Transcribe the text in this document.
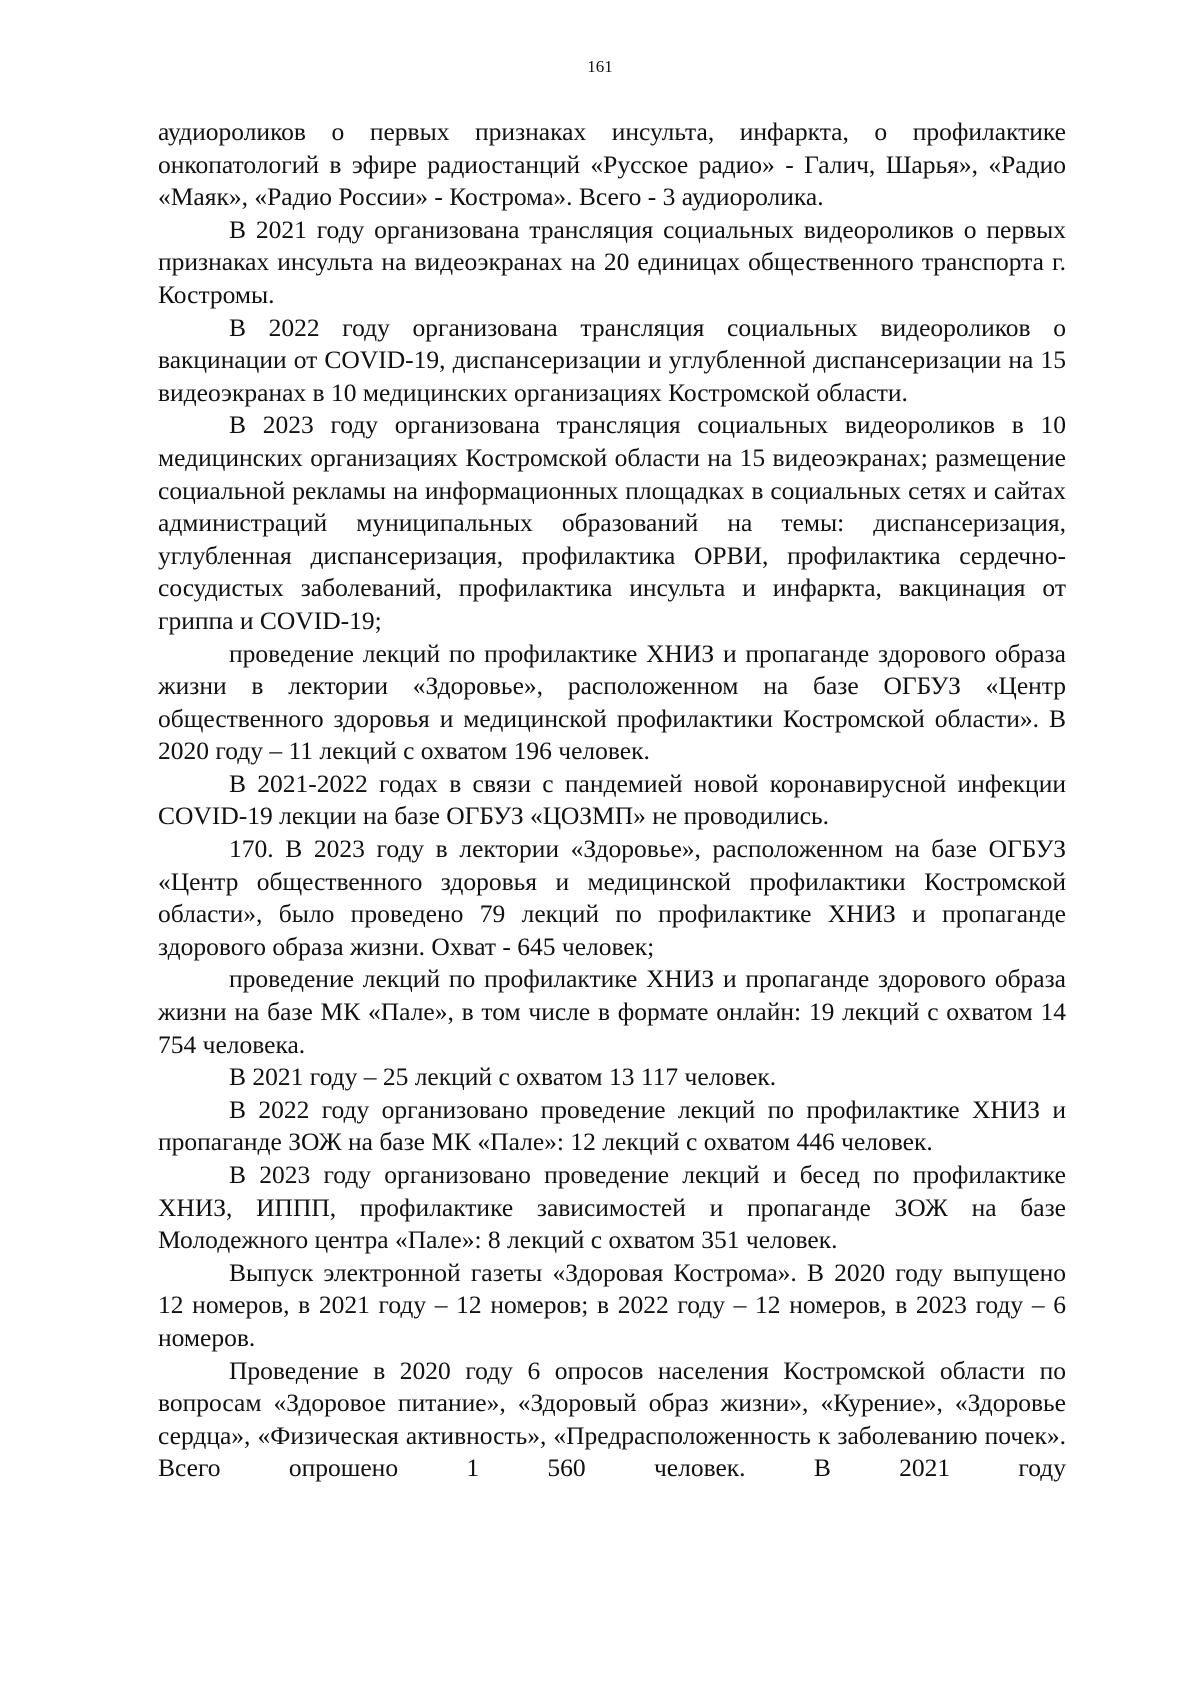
161

аудиороликов о первых признаках инсульта, инфаркта, о профилактике онкопатологий в эфире радиостанций «Русское радио» - Галич, Шарья», «Радио «Маяк», «Радио России» - Кострома». Всего - 3 аудиоролика.

В 2021 году организована трансляция социальных видеороликов о первых признаках инсульта на видеоэкранах на 20 единицах общественного транспорта г. Костромы.

В 2022 году организована трансляция социальных видеороликов о вакцинации от COVID-19, диспансеризации и углубленной диспансеризации на 15 видеоэкранах в 10 медицинских организациях Костромской области.

В 2023 году организована трансляция социальных видеороликов в 10 медицинских организациях Костромской области на 15 видеоэкранах; размещение социальной рекламы на информационных площадках в социальных сетях и сайтах администраций муниципальных образований на темы: диспансеризация, углубленная диспансеризация, профилактика ОРВИ, профилактика сердечно-сосудистых заболеваний, профилактика инсульта и инфаркта, вакцинация от гриппа и COVID-19;

проведение лекций по профилактике ХНИЗ и пропаганде здорового образа жизни в лектории «Здоровье», расположенном на базе ОГБУЗ «Центр общественного здоровья и медицинской профилактики Костромской области». В 2020 году – 11 лекций с охватом 196 человек.

В 2021-2022 годах в связи с пандемией новой коронавирусной инфекции COVID-19 лекции на базе ОГБУЗ «ЦОЗМП» не проводились.

170. В 2023 году в лектории «Здоровье», расположенном на базе ОГБУЗ «Центр общественного здоровья и медицинской профилактики Костромской области», было проведено 79 лекций по профилактике ХНИЗ и пропаганде здорового образа жизни. Охват - 645 человек;

проведение лекций по профилактике ХНИЗ и пропаганде здорового образа жизни на базе МК «Пале», в том числе в формате онлайн: 19 лекций с охватом 14 754 человека.

В 2021 году – 25 лекций с охватом 13 117 человек.

В 2022 году организовано проведение лекций по профилактике ХНИЗ и пропаганде ЗОЖ на базе МК «Пале»: 12 лекций с охватом 446 человек.

В 2023 году организовано проведение лекций и бесед по профилактике ХНИЗ, ИППП, профилактике зависимостей и пропаганде ЗОЖ на базе Молодежного центра «Пале»: 8 лекций с охватом 351 человек.

Выпуск электронной газеты «Здоровая Кострома». В 2020 году выпущено 12 номеров, в 2021 году – 12 номеров; в 2022 году – 12 номеров, в 2023 году – 6 номеров.

Проведение в 2020 году 6 опросов населения Костромской области по вопросам «Здоровое питание», «Здоровый образ жизни», «Курение», «Здоровье сердца», «Физическая активность», «Предрасположенность к заболеванию почек». Всего опрошено 1 560 человек. В 2021 году
